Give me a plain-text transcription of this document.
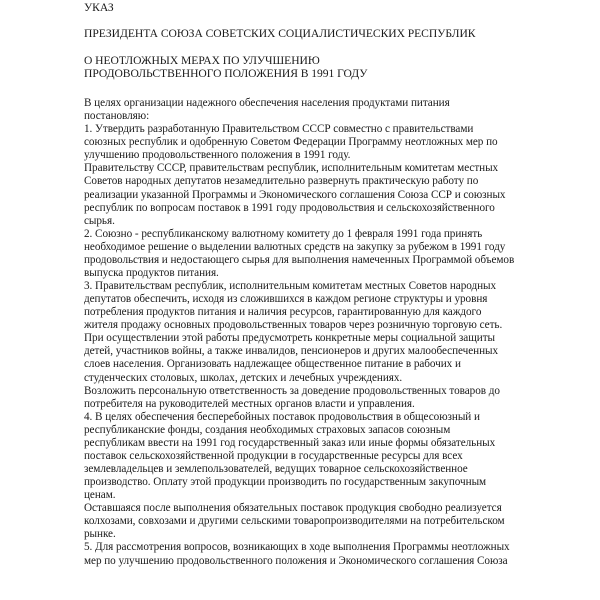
УКАЗ
ПРЕЗИДЕНТА СОЮЗА СОВЕТСКИХ СОЦИАЛИСТИЧЕСКИХ РЕСПУБЛИК
О НЕОТЛОЖНЫХ МЕРАХ ПО УЛУЧШЕНИЮ
ПРОДОВОЛЬСТВЕННОГО ПОЛОЖЕНИЯ В 1991 ГОДУ
В целях организации надежного обеспечения населения продуктами питания
постановляю:
1. Утвердить разработанную Правительством СССР совместно с правительствами
союзных республик и одобренную Советом Федерации Программу неотложных мер по
улучшению продовольственного положения в 1991 году.
Правительству СССР, правительствам республик, исполнительным комитетам местных
Советов народных депутатов незамедлительно развернуть практическую работу по
реализации указанной Программы и Экономического соглашения Союза ССР и союзных
республик по вопросам поставок в 1991 году продовольствия и сельскохозяйственного
сырья.
2. Союзно - республиканскому валютному комитету до 1 февраля 1991 года принять
необходимое решение о выделении валютных средств на закупку за рубежом в 1991 году
продовольствия и недостающего сырья для выполнения намеченных Программой объемов
выпуска продуктов питания.
3. Правительствам республик, исполнительным комитетам местных Советов народных
депутатов обеспечить, исходя из сложившихся в каждом регионе структуры и уровня
потребления продуктов питания и наличия ресурсов, гарантированную для каждого
жителя продажу основных продовольственных товаров через розничную торговую сеть.
При осуществлении этой работы предусмотреть конкретные меры социальной защиты
детей, участников войны, а также инвалидов, пенсионеров и других малообеспеченных
слоев населения. Организовать надлежащее общественное питание в рабочих и
студенческих столовых, школах, детских и лечебных учреждениях.
Возложить персональную ответственность за доведение продовольственных товаров до
потребителя на руководителей местных органов власти и управления.
4. В целях обеспечения бесперебойных поставок продовольствия в общесоюзный и
республиканские фонды, создания необходимых страховых запасов союзным
республикам ввести на 1991 год государственный заказ или иные формы обязательных
поставок сельскохозяйственной продукции в государственные ресурсы для всех
землевладельцев и землепользователей, ведущих товарное сельскохозяйственное
производство. Оплату этой продукции производить по государственным закупочным
ценам.
Оставшаяся после выполнения обязательных поставок продукция свободно реализуется
колхозами, совхозами и другими сельскими товаропроизводителями на потребительском
рынке.
5. Для рассмотрения вопросов, возникающих в ходе выполнения Программы неотложных
мер по улучшению продовольственного положения и Экономического соглашения Союза
